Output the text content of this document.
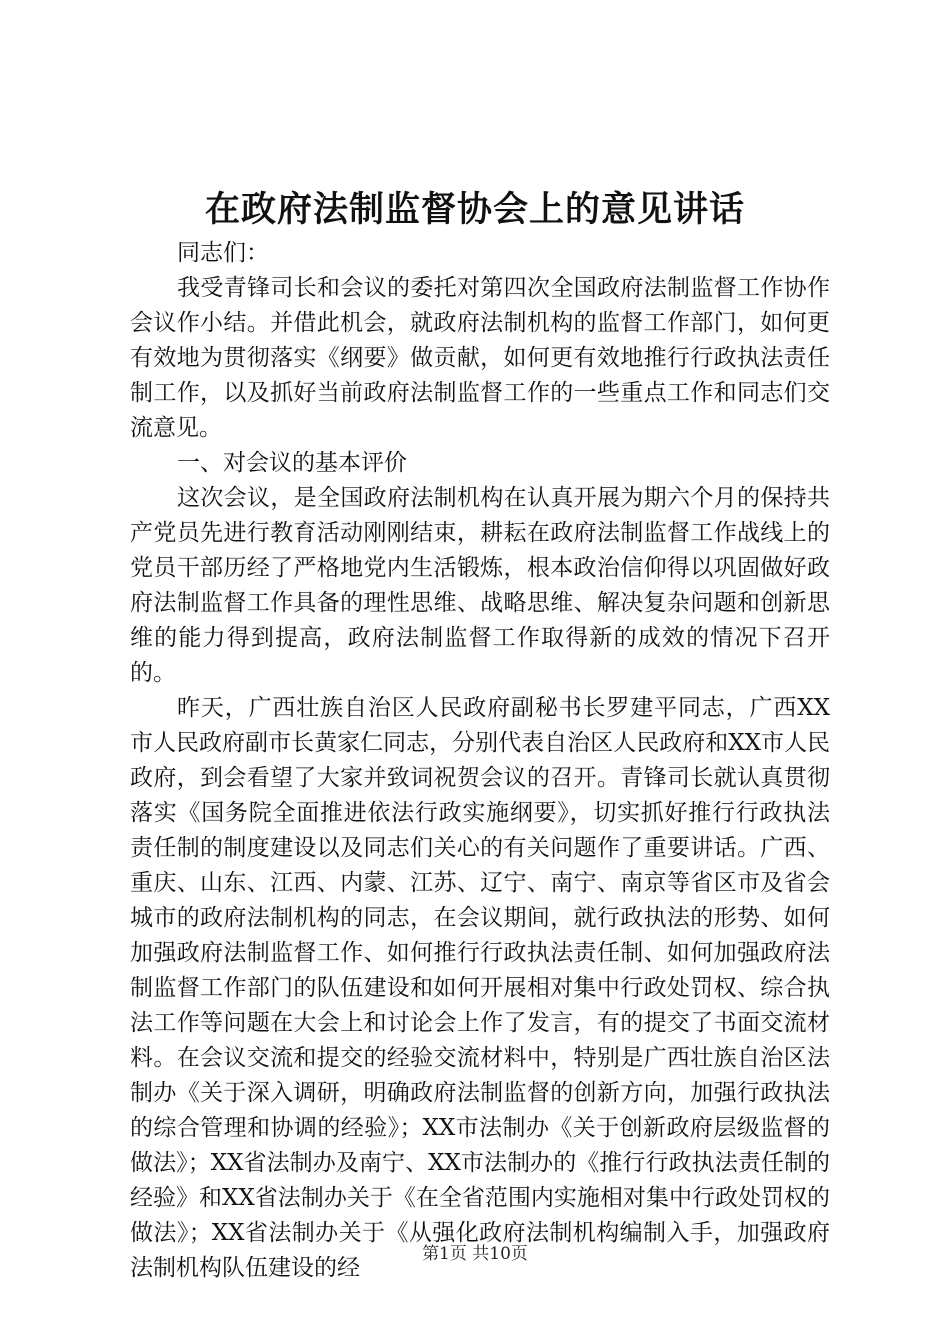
在政府法制监督协会上的意见讲话

同志们：

我受青锋司长和会议的委托对第四次全国政府法制监督工作协作会议作小结。并借此机会，就政府法制机构的监督工作部门，如何更有效地为贯彻落实《纲要》做贡献，如何更有效地推行行政执法责任制工作，以及抓好当前政府法制监督工作的一些重点工作和同志们交流意见。

一、对会议的基本评价

这次会议，是全国政府法制机构在认真开展为期六个月的保持共产党员先进行教育活动刚刚结束，耕耘在政府法制监督工作战线上的党员干部历经了严格地党内生活锻炼，根本政治信仰得以巩固做好政府法制监督工作具备的理性思维、战略思维、解决复杂问题和创新思维的能力得到提高，政府法制监督工作取得新的成效的情况下召开的。

昨天，广西壮族自治区人民政府副秘书长罗建平同志，广西XX市人民政府副市长黄家仁同志，分别代表自治区人民政府和XX市人民政府，到会看望了大家并致词祝贺会议的召开。青锋司长就认真贯彻落实《国务院全面推进依法行政实施纲要》，切实抓好推行行政执法责任制的制度建设以及同志们关心的有关问题作了重要讲话。广西、重庆、山东、江西、内蒙、江苏、辽宁、南宁、南京等省区市及省会城市的政府法制机构的同志，在会议期间，就行政执法的形势、如何加强政府法制监督工作、如何推行行政执法责任制、如何加强政府法制监督工作部门的队伍建设和如何开展相对集中行政处罚权、综合执法工作等问题在大会上和讨论会上作了发言，有的提交了书面交流材料。在会议交流和提交的经验交流材料中，特别是广西壮族自治区法制办《关于深入调研，明确政府法制监督的创新方向，加强行政执法的综合管理和协调的经验》；XX市法制办《关于创新政府层级监督的做法》；XX省法制办及南宁、XX市法制办的《推行行政执法责任制的经验》和XX省法制办关于《在全省范围内实施相对集中行政处罚权的做法》；XX省法制办关于《从强化政府法制机构编制入手，加强政府法制机构队伍建设的经

第1页 共10页
